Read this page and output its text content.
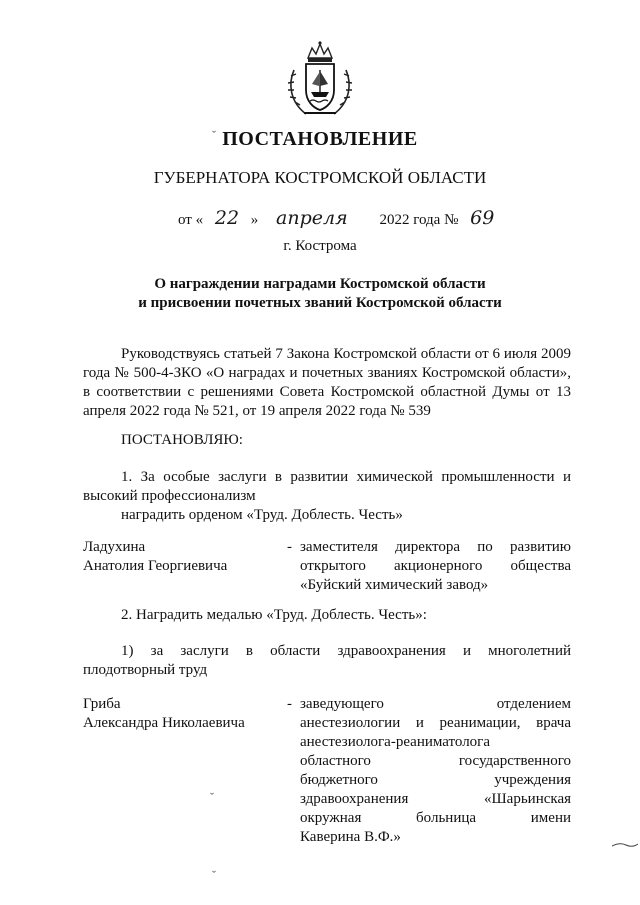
ПОСТАНОВЛЕНИЕ
ГУБЕРНАТОРА КОСТРОМСКОЙ ОБЛАСТИ
от « 22 » апреля 2022 года № 69
г. Кострома
О награждении наградами Костромской области
и присвоении почетных званий Костромской области
Руководствуясь статьей 7 Закона Костромской области от 6 июля 2009 года № 500-4-ЗКО «О наградах и почетных званиях Костромской области», в соответствии с решениями Совета Костромской областной Думы от 13 апреля 2022 года № 521, от 19 апреля 2022 года № 539
ПОСТАНОВЛЯЮ:
1. За особые заслуги в развитии химической промышленности и высокий профессионализм
наградить орденом «Труд. Доблесть. Честь»
Ладухина
Анатолия Георгиевича
- заместителя директора по развитию
открытого акционерного общества
«Буйский химический завод»
2. Наградить медалью «Труд. Доблесть. Честь»:
1) за заслуги в области здравоохранения и многолетний плодотворный труд
Гриба
Александра Николаевича
- заведующего отделением
анестезиологии и реанимации, врача
анестезиолога-реаниматолога
областного государственного
бюджетного учреждения
здравоохранения «Шарьинская
окружная больница имени
Каверина В.Ф.»
ˇ
ˇ
ˇ
